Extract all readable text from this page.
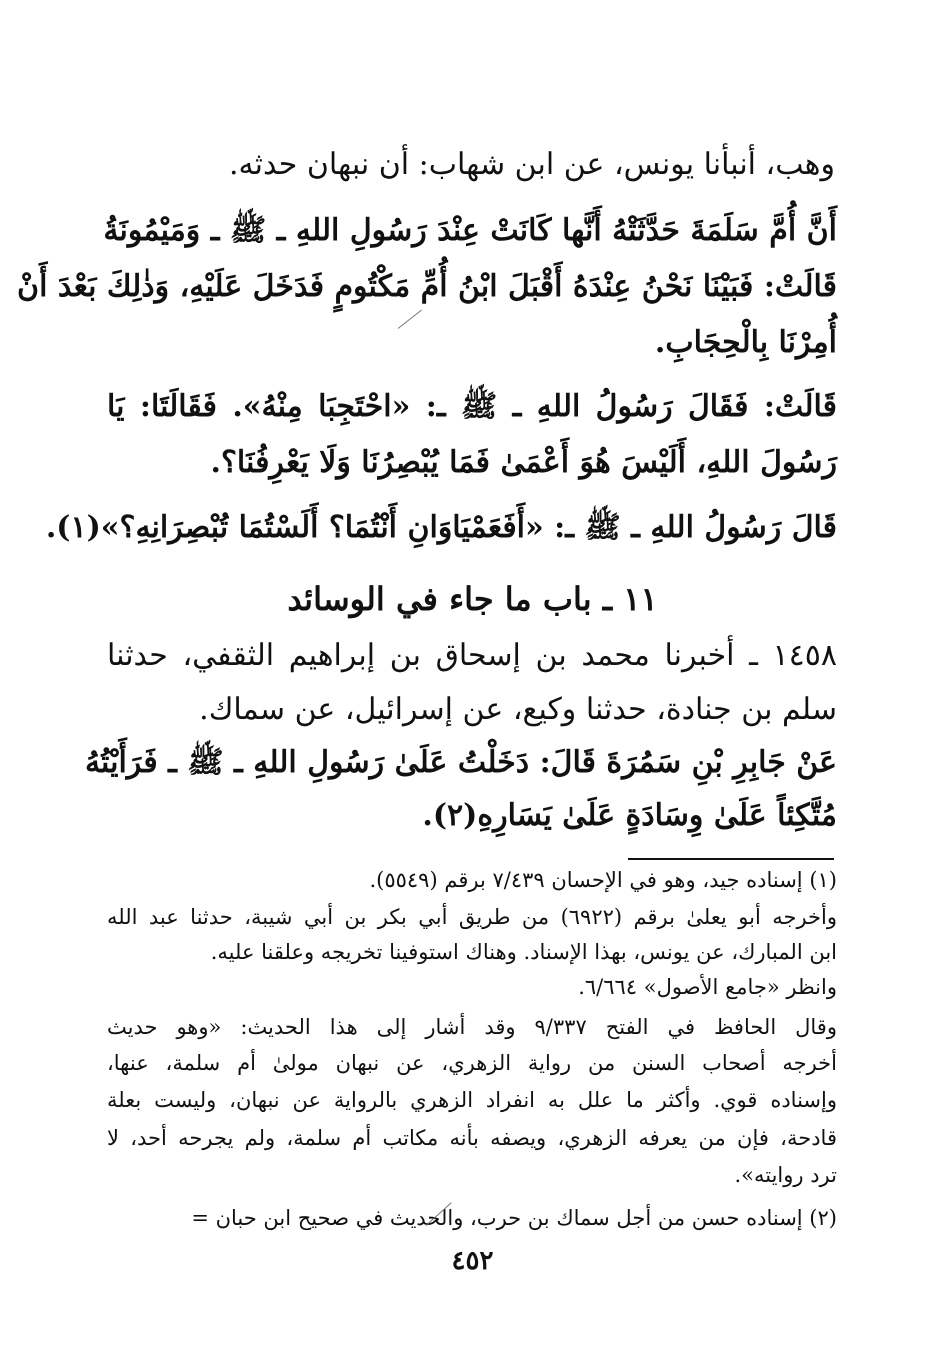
وهب، أنبأنا يونس، عن ابن شهاب: أن نبهان حدثه.
أَنَّ أُمَّ سَلَمَةَ حَدَّثَتْهُ أَنَّها كَانَتْ عِنْدَ رَسُولِ اللهِ ـ ﷺ ـ وَمَيْمُونَةُ
قَالَتْ: فَبَيْنَا نَحْنُ عِنْدَهُ أَقْبَلَ ابْنُ أُمِّ مَكْتُومٍ فَدَخَلَ عَلَيْهِ، وَذٰلِكَ بَعْدَ أَنْ
أُمِرْنَا بِالْحِجَابِ.
قَالَتْ: فَقَالَ رَسُولُ اللهِ ـ ﷺ ـ: «احْتَجِبَا مِنْهُ». فَقَالَتَا: يَا
رَسُولَ اللهِ، أَلَيْسَ هُوَ أَعْمَىٰ فَمَا يُبْصِرُنَا وَلَا يَعْرِفُنَا؟.
قَالَ رَسُولُ اللهِ ـ ﷺ ـ: «أَفَعَمْيَاوَانِ أَنْتُمَا؟ أَلَسْتُمَا تُبْصِرَانِهِ؟»(١).
١١ ـ باب ما جاء في الوسائد
١٤٥٨ ـ أخبرنا محمد بن إسحاق بن إبراهيم الثقفي، حدثنا
سلم بن جنادة، حدثنا وكيع، عن إسرائيل، عن سماك.
عَنْ جَابِرِ بْنِ سَمُرَةَ قَالَ: دَخَلْتُ عَلَىٰ رَسُولِ اللهِ ـ ﷺ ـ فَرَأَيْتُهُ
مُتَّكِئاً عَلَىٰ وِسَادَةٍ عَلَىٰ يَسَارِهِ(٢).
(١) إسناده جيد، وهو في الإحسان ٧/٤٣٩ برقم (٥٥٤٩).
وأخرجه أبو يعلىٰ برقم (٦٩٢٢) من طريق أبي بكر بن أبي شيبة، حدثنا عبد الله
ابن المبارك، عن يونس، بهذا الإسناد. وهناك استوفينا تخريجه وعلقنا عليه.
وانظر «جامع الأصول» ٦/٦٦٤.
وقال الحافظ في الفتح ٩/٣٣٧ وقد أشار إلى هذا الحديث: «وهو حديث
أخرجه أصحاب السنن من رواية الزهري، عن نبهان مولىٰ أم سلمة، عنها،
وإسناده قوي. وأكثر ما علل به انفراد الزهري بالرواية عن نبهان، وليست بعلة
قادحة، فإن من يعرفه الزهري، ويصفه بأنه مكاتب أم سلمة، ولم يجرحه أحد، لا
ترد روايته».
(٢) إسناده حسن من أجل سماك بن حرب، والحديث في صحيح ابن حبان =
٤٥٢
